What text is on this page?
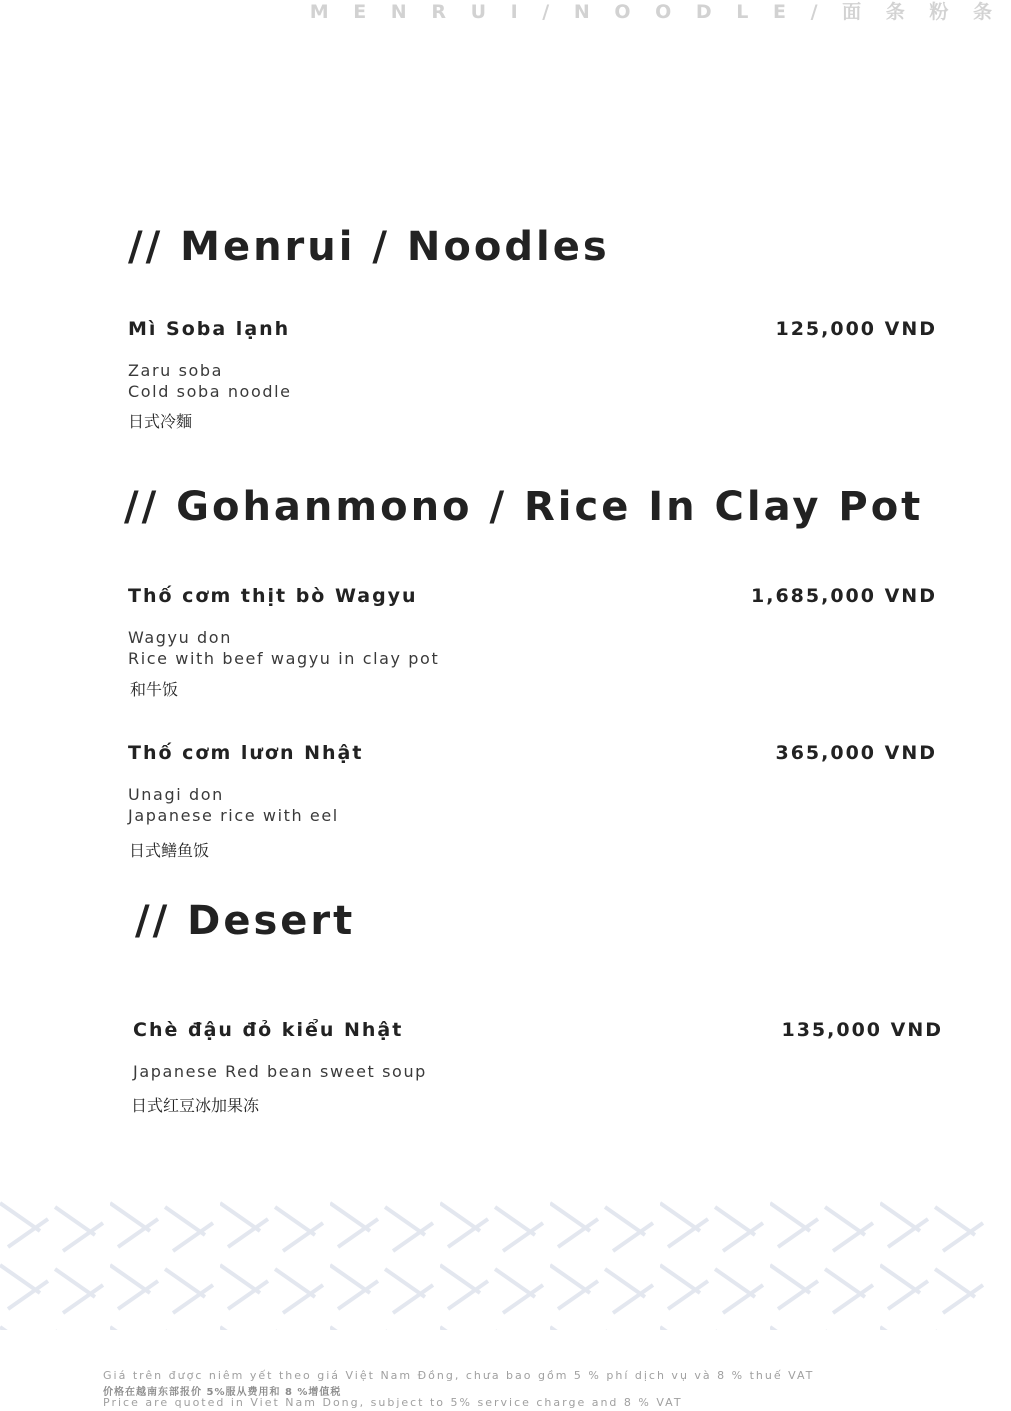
M E N R U I / N O O D L E / 面 条 粉 条
// Menrui / Noodles
Mì Soba lạnh	125,000 VND
Zaru soba
Cold soba noodle
日式冷麵
// Gohanmono / Rice In Clay Pot
Thố cơm thịt bò Wagyu	1,685,000 VND
Wagyu don
Rice with beef wagyu in clay pot
和牛饭
Thố cơm lươn Nhật	365,000 VND
Unagi don
Japanese rice with eel
日式鳝鱼饭
// Desert
Chè đậu đỏ kiểu Nhật	135,000 VND
Japanese Red bean sweet soup
日式红豆冰加果冻
Giá trên được niêm yết theo giá Việt Nam Đồng, chưa bao gồm 5 % phí dịch vụ và 8 % thuế VAT
价格在越南东部报价 5%服从费用和 8 %增值税
Price are quoted in Viet Nam Dong, subject to 5% service charge and 8 % VAT
